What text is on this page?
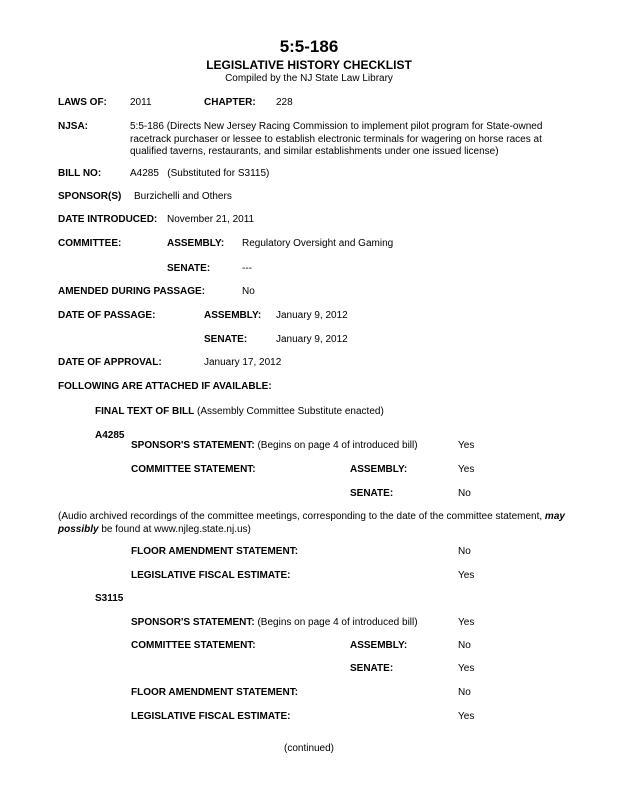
5:5-186
LEGISLATIVE HISTORY CHECKLIST
Compiled by the NJ State Law Library
LAWS OF: 2011	CHAPTER: 228
NJSA:	5:5-186 (Directs New Jersey Racing Commission to implement pilot program for State-owned racetrack purchaser or lessee to establish electronic terminals for wagering on horse races at qualified taverns, restaurants, and similar establishments under one issued license)
BILL NO:	A4285 (Substituted for S3115)
SPONSOR(S) Burzichelli and Others
DATE INTRODUCED: November 21, 2011
COMMITTEE:	ASSEMBLY: Regulatory Oversight and Gaming
SENATE:	---
AMENDED DURING PASSAGE:	No
DATE OF PASSAGE:	ASSEMBLY: January 9, 2012
SENATE:	January 9, 2012
DATE OF APPROVAL:	January 17, 2012
FOLLOWING ARE ATTACHED IF AVAILABLE:
FINAL TEXT OF BILL (Assembly Committee Substitute enacted)
A4285
SPONSOR'S STATEMENT: (Begins on page 4 of introduced bill)	Yes
COMMITTEE STATEMENT:	ASSEMBLY:	Yes
SENATE:	No
(Audio archived recordings of the committee meetings, corresponding to the date of the committee statement, may possibly be found at www.njleg.state.nj.us)
FLOOR AMENDMENT STATEMENT:	No
LEGISLATIVE FISCAL ESTIMATE:	Yes
S3115
SPONSOR'S STATEMENT: (Begins on page 4 of introduced bill)	Yes
COMMITTEE STATEMENT:	ASSEMBLY:	No
SENATE:	Yes
FLOOR AMENDMENT STATEMENT:	No
LEGISLATIVE FISCAL ESTIMATE:	Yes
(continued)
